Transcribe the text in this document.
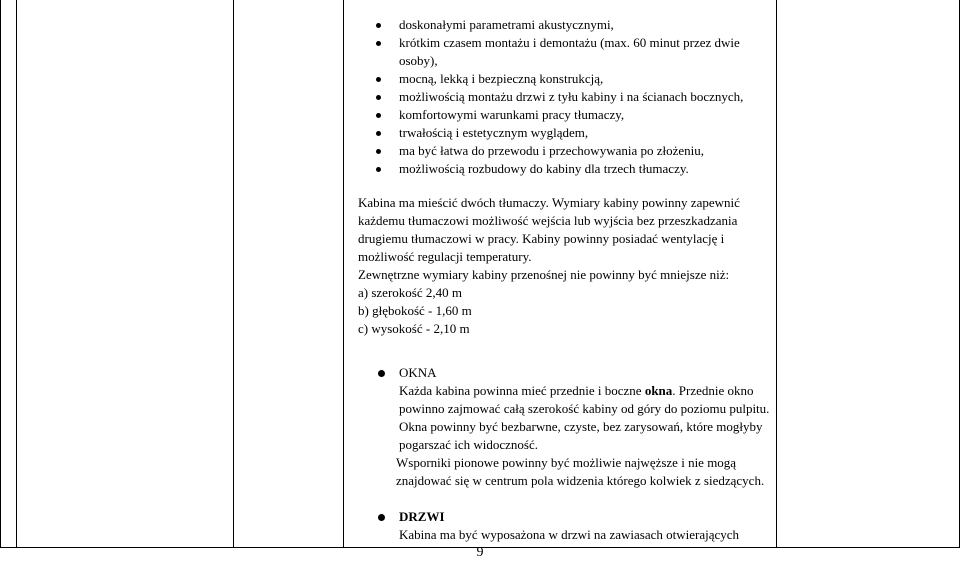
doskonałymi parametrami akustycznymi,
krótkim czasem montażu i demontażu (max. 60 minut przez dwie osoby),
mocną, lekką i bezpieczną konstrukcją,
możliwością montażu drzwi z tyłu kabiny i na ścianach bocznych,
komfortowymi warunkami pracy tłumaczy,
trwałością i estetycznym wyglądem,
ma być łatwa do przewodu i przechowywania po złożeniu,
możliwością rozbudowy do kabiny dla trzech tłumaczy.

Kabina ma mieścić dwóch tłumaczy. Wymiary kabiny powinny zapewnić każdemu tłumaczowi możliwość wejścia lub wyjścia bez przeszkadzania drugiemu tłumaczowi w pracy. Kabiny powinny posiadać wentylację i możliwość regulacji temperatury.

Zewnętrzne wymiary kabiny przenośnej nie powinny być mniejsze niż:

a) szerokość 2,40 m

b) głębokość - 1,60 m

c) wysokość - 2,10 m

OKNA
Każda kabina powinna mieć przednie i boczne okna. Przednie okno powinno zajmować całą szerokość kabiny od góry do poziomu pulpitu. Okna powinny być bezbarwne, czyste, bez zarysowań, które mogłyby pogarszać ich widoczność.
Wsporniki pionowe powinny być możliwie najwęższe i nie mogą znajdować się w centrum pola widzenia którego kolwiek z siedzących.
DRZWI
Kabina ma być wyposażona w drzwi na zawiasach otwierających
9
